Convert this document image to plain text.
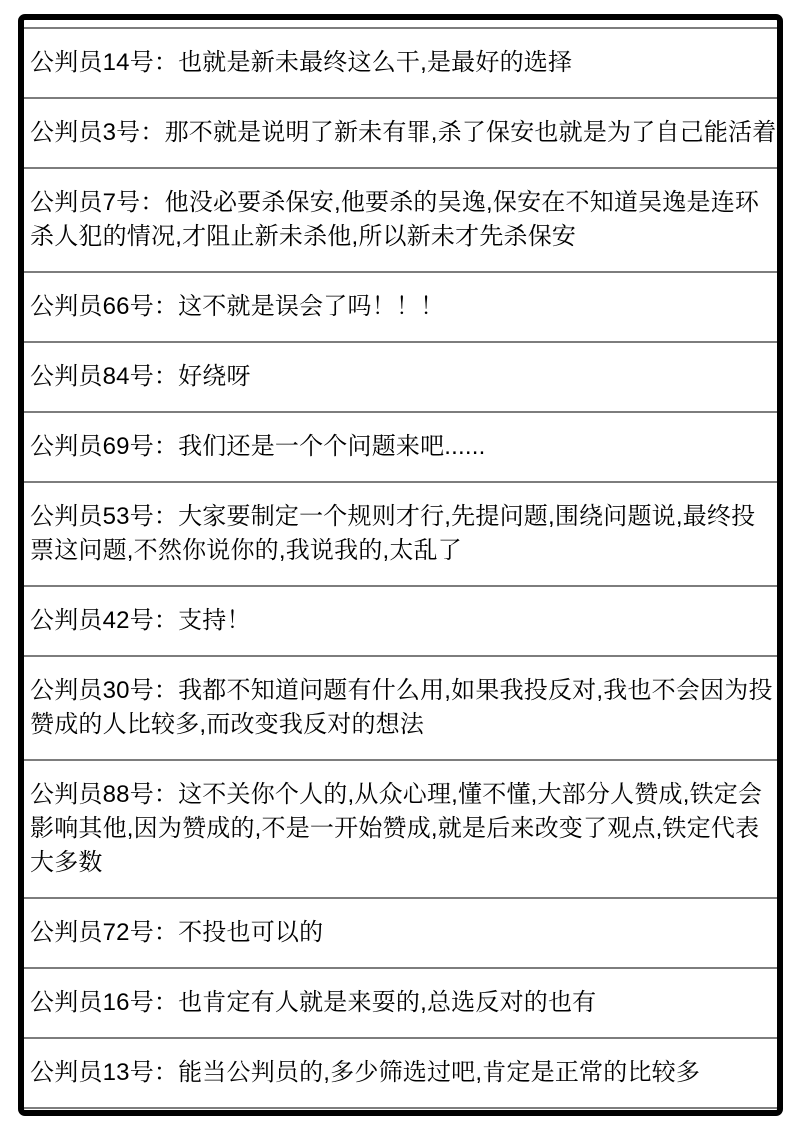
公判员14号：也就是新未最终这么干,是最好的选择
公判员3号：那不就是说明了新未有罪,杀了保安也就是为了自己能活着
公判员7号：他没必要杀保安,他要杀的吴逸,保安在不知道吴逸是连环杀人犯的情况,才阻止新未杀他,所以新未才先杀保安
公判员66号：这不就是误会了吗！！！
公判员84号：好绕呀
公判员69号：我们还是一个个问题来吧......
公判员53号：大家要制定一个规则才行,先提问题,围绕问题说,最终投票这问题,不然你说你的,我说我的,太乱了
公判员42号：支持！
公判员30号：我都不知道问题有什么用,如果我投反对,我也不会因为投赞成的人比较多,而改变我反对的想法
公判员88号：这不关你个人的,从众心理,懂不懂,大部分人赞成,铁定会影响其他,因为赞成的,不是一开始赞成,就是后来改变了观点,铁定代表大多数
公判员72号：不投也可以的
公判员16号：也肯定有人就是来耍的,总选反对的也有
公判员13号：能当公判员的,多少筛选过吧,肯定是正常的比较多
